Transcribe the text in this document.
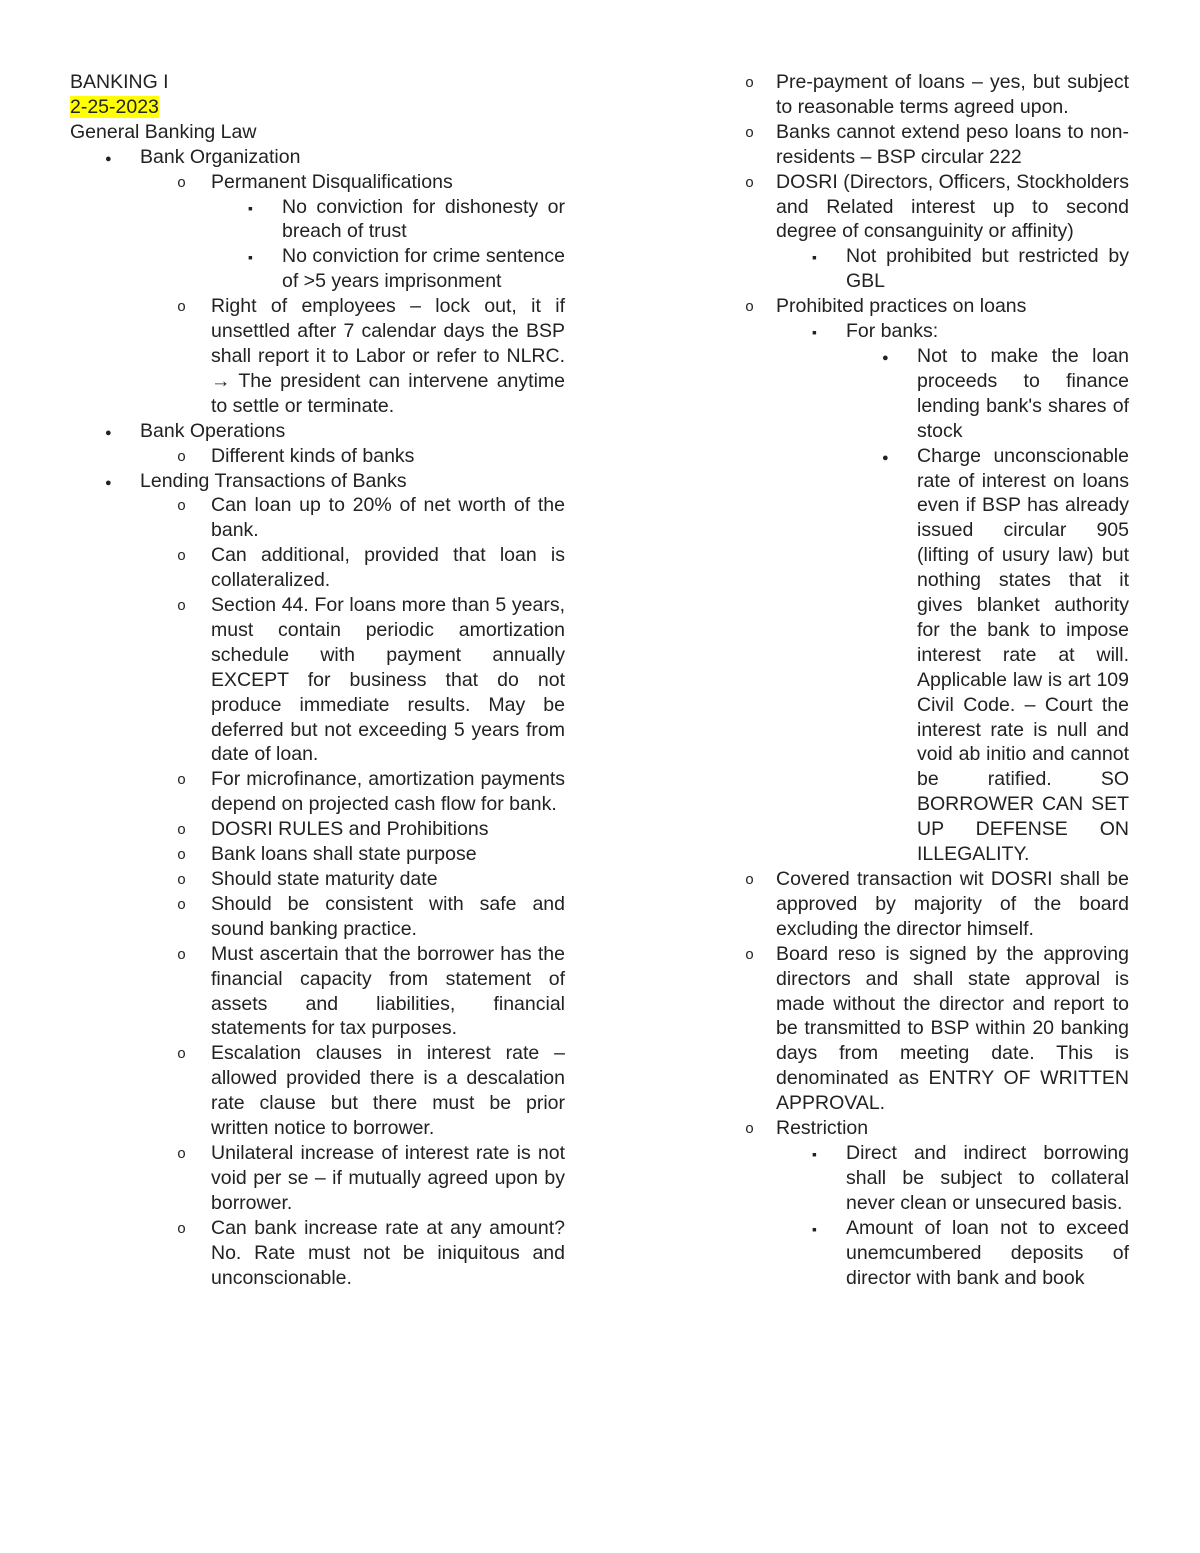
BANKING I
2-25-2023
General Banking Law
●
Bank Organization
o
Permanent Disqualifications
▪
No conviction for dishonesty or breach of trust
▪
No conviction for crime sentence of >5 years imprisonment
o
Right of employees – lock out, it if unsettled after 7 calendar days the BSP shall report it to Labor or refer to NLRC. → The president can intervene anytime to settle or terminate.
●
Bank Operations
o
Different kinds of banks
●
Lending Transactions of Banks
o
Can loan up to 20% of net worth of the bank.
o
Can additional, provided that loan is collateralized.
o
Section 44. For loans more than 5 years, must contain periodic amortization schedule with payment annually EXCEPT for business that do not produce immediate results. May be deferred but not exceeding 5 years from date of loan.
o
For microfinance, amortization payments depend on projected cash flow for bank.
o
DOSRI RULES and Prohibitions
o
Bank loans shall state purpose
o
Should state maturity date
o
Should be consistent with safe and sound banking practice.
o
Must ascertain that the borrower has the financial capacity from statement of assets and liabilities, financial statements for tax purposes.
o
Escalation clauses in interest rate – allowed provided there is a descalation rate clause but there must be prior written notice to borrower.
o
Unilateral increase of interest rate is not void per se – if mutually agreed upon by borrower.
o
Can bank increase rate at any amount? No. Rate must not be iniquitous and unconscionable.
o
Pre-payment of loans – yes, but subject to reasonable terms agreed upon.
o
Banks cannot extend peso loans to non-residents – BSP circular 222
o
DOSRI (Directors, Officers, Stockholders and Related interest up to second degree of consanguinity or affinity)
▪
Not prohibited but restricted by GBL
o
Prohibited practices on loans
▪
For banks:
●
Not to make the loan proceeds to finance lending bank's shares of stock
●
Charge unconscionable rate of interest on loans even if BSP has already issued circular 905 (lifting of usury law) but nothing states that it gives blanket authority for the bank to impose interest rate at will. Applicable law is art 109 Civil Code. – Court the interest rate is null and void ab initio and cannot be ratified. SO BORROWER CAN SET UP DEFENSE ON ILLEGALITY.
o
Covered transaction wit DOSRI shall be approved by majority of the board excluding the director himself.
o
Board reso is signed by the approving directors and shall state approval is made without the director and report to be transmitted to BSP within 20 banking days from meeting date. This is denominated as ENTRY OF WRITTEN APPROVAL.
o
Restriction
▪
Direct and indirect borrowing shall be subject to collateral never clean or unsecured basis.
▪
Amount of loan not to exceed unemcumbered deposits of director with bank and book
